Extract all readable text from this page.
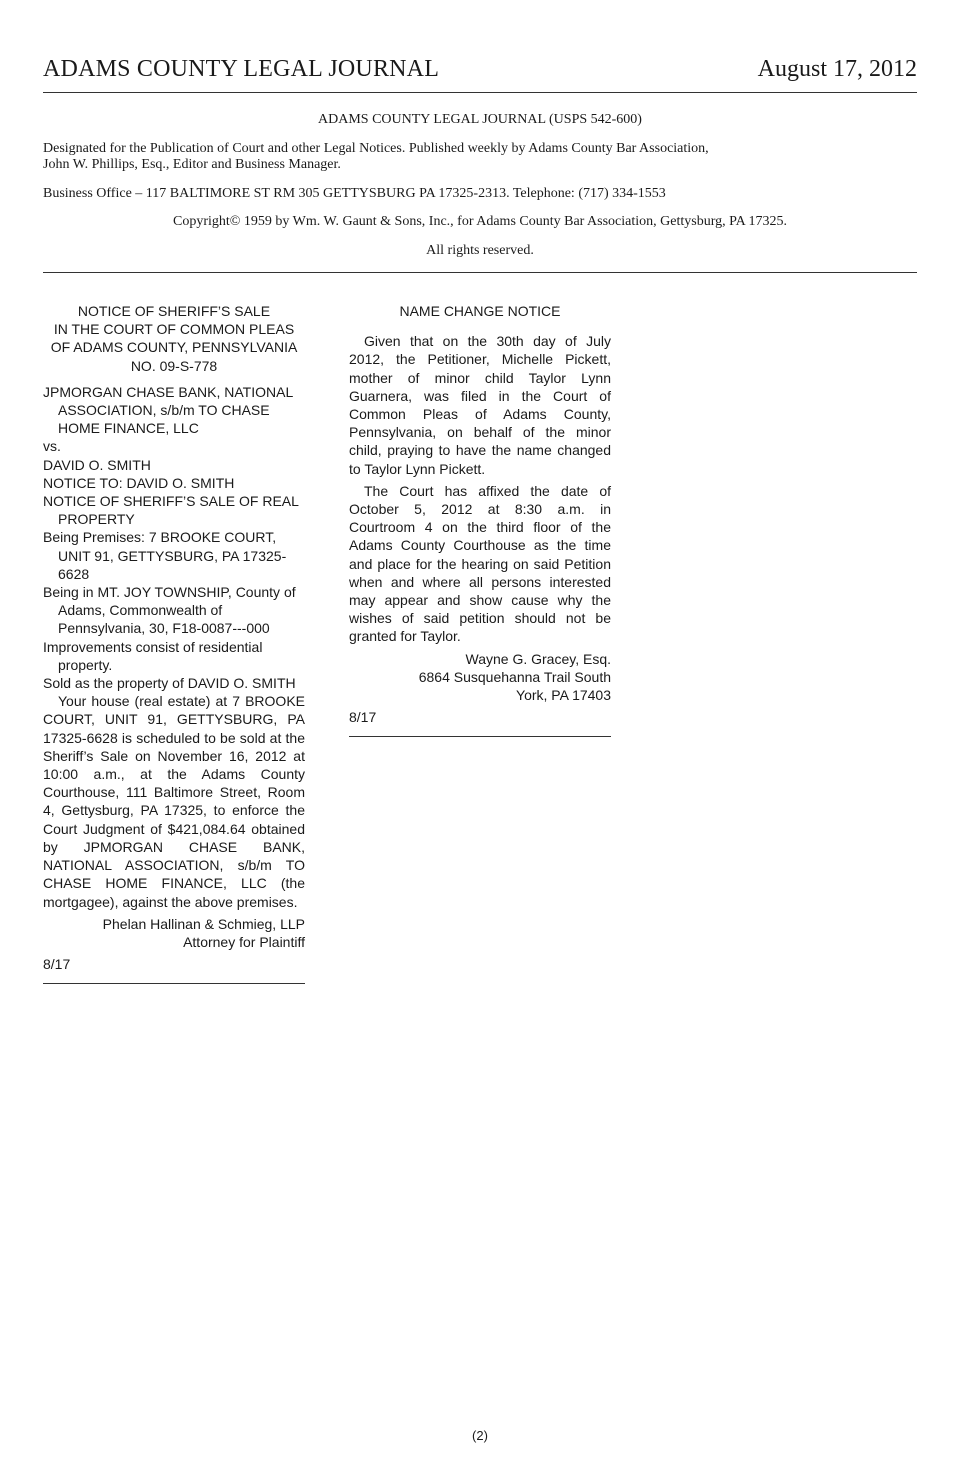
ADAMS COUNTY LEGAL JOURNAL	August 17, 2012

ADAMS COUNTY LEGAL JOURNAL (USPS 542-600)

Designated for the Publication of Court and other Legal Notices. Published weekly by Adams County Bar Association,

John W. Phillips, Esq., Editor and Business Manager.

Business Office – 117 BALTIMORE ST RM 305 GETTYSBURG PA 17325-2313. Telephone: (717) 334-1553

Copyright© 1959 by Wm. W. Gaunt & Sons, Inc., for Adams County Bar Association, Gettysburg, PA 17325.

All rights reserved.

NOTICE OF SHERIFF’S SALE

IN THE COURT OF COMMON PLEAS

OF ADAMS COUNTY, PENNSYLVANIA

NO. 09-S-778

JPMORGAN CHASE BANK, NATIONAL ASSOCIATION, s/b/m TO CHASE HOME FINANCE, LLC

vs.

DAVID O. SMITH

NOTICE TO: DAVID O. SMITH

NOTICE OF SHERIFF’S SALE OF REAL PROPERTY

Being Premises: 7 BROOKE COURT, UNIT 91, GETTYSBURG, PA 17325-6628

Being in MT. JOY TOWNSHIP, County of Adams, Commonwealth of Pennsylvania, 30, F18-0087---000

Improvements consist of residential property.

Sold as the property of DAVID O. SMITH

Your house (real estate) at 7 BROOKE COURT, UNIT 91, GETTYSBURG, PA 17325-6628 is scheduled to be sold at the Sheriff’s Sale on November 16, 2012 at 10:00 a.m., at the Adams County Courthouse, 111 Baltimore Street, Room 4, Gettysburg, PA 17325, to enforce the Court Judgment of $421,084.64 obtained by JPMORGAN CHASE BANK, NATIONAL ASSOCIATION, s/b/m TO CHASE HOME FINANCE, LLC (the mortgagee), against the above premises.

Phelan Hallinan & Schmieg, LLP

Attorney for Plaintiff

8/17

NAME CHANGE NOTICE

Given that on the 30th day of July 2012, the Petitioner, Michelle Pickett, mother of minor child Taylor Lynn Guarnera, was filed in the Court of Common Pleas of Adams County, Pennsylvania, on behalf of the minor child, praying to have the name changed to Taylor Lynn Pickett.

The Court has affixed the date of October 5, 2012 at 8:30 a.m. in Courtroom 4 on the third floor of the Adams County Courthouse as the time and place for the hearing on said Petition when and where all persons interested may appear and show cause why the wishes of said petition should not be granted for Taylor.

Wayne G. Gracey, Esq.

6864 Susquehanna Trail South

York, PA 17403

8/17

(2)
